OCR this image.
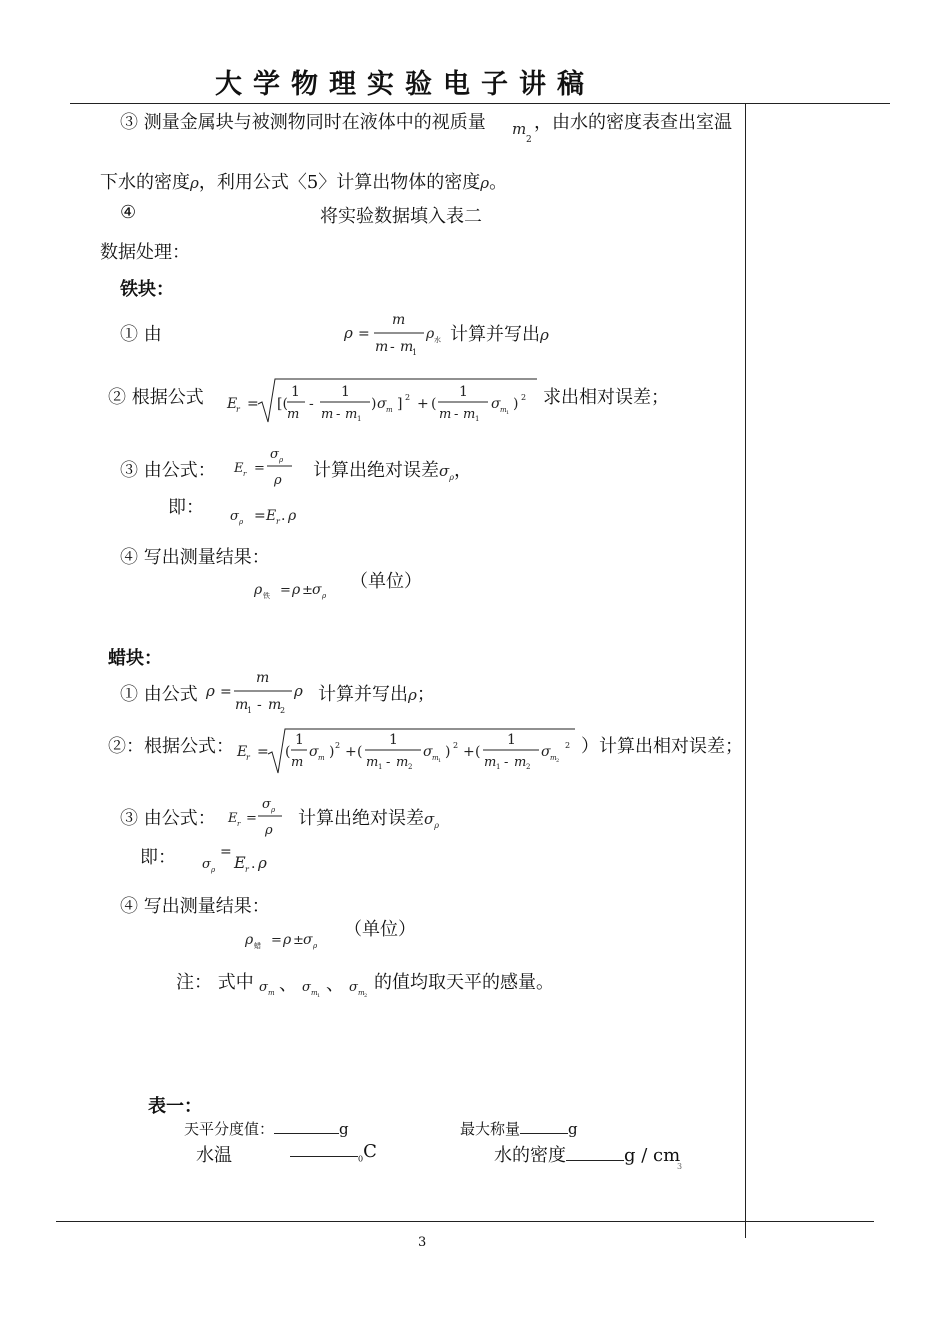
大学物理实验电子讲稿
③ 测量金属块与被测物同时在液体中的视质量 m
2
，由水的密度表查出室温
下水的密度ρ，利用公式〈5〉计算出物体的密度ρ。
④	将实验数据填入表二
数据处理：
铁块：
① 由	ρ =
m
m - m
1
ρ 水 计算并写出ρ
② 根据公式 E
r = [(
1
m
-
1
m - m 1
) σ m ] 2 + (
1
m - m 1
σ m 1
) 2 求出相对误差；
③ 由公式： E r =
σ ρ
ρ 计算出绝对误差$\sigma_\rho$，
即： σ ρ = E r . ρ
④ 写出测量结果：
ρ 铁 = ρ ± σ ρ
（单位）
蜡块：
① 由公式 ρ =
m
m
1 - m
2
ρ 计算并写出ρ；
②：根据公式： E
r = (
1
m
σ m ) 2 + (
1
m 1 - m 2
σ m 1
) 2 + (
1
m 1 - m 2
σ m 2
2 ）计算出相对误差；
③ 由公式： E r =
σ ρ
ρ
计算出绝对误差$\sigma_\rho$
即： σ ρ
=
E r . ρ
④ 写出测量结果：
ρ 蜡 = ρ ± σ ρ
（单位）
注： 式中 σ m 、 σ m 1
、 σ m 2
的值均取天平的感量。
表一：
天平分度值：	g	最大称量	g
水温	$_0$C	水的密度	g / cm
3
3
